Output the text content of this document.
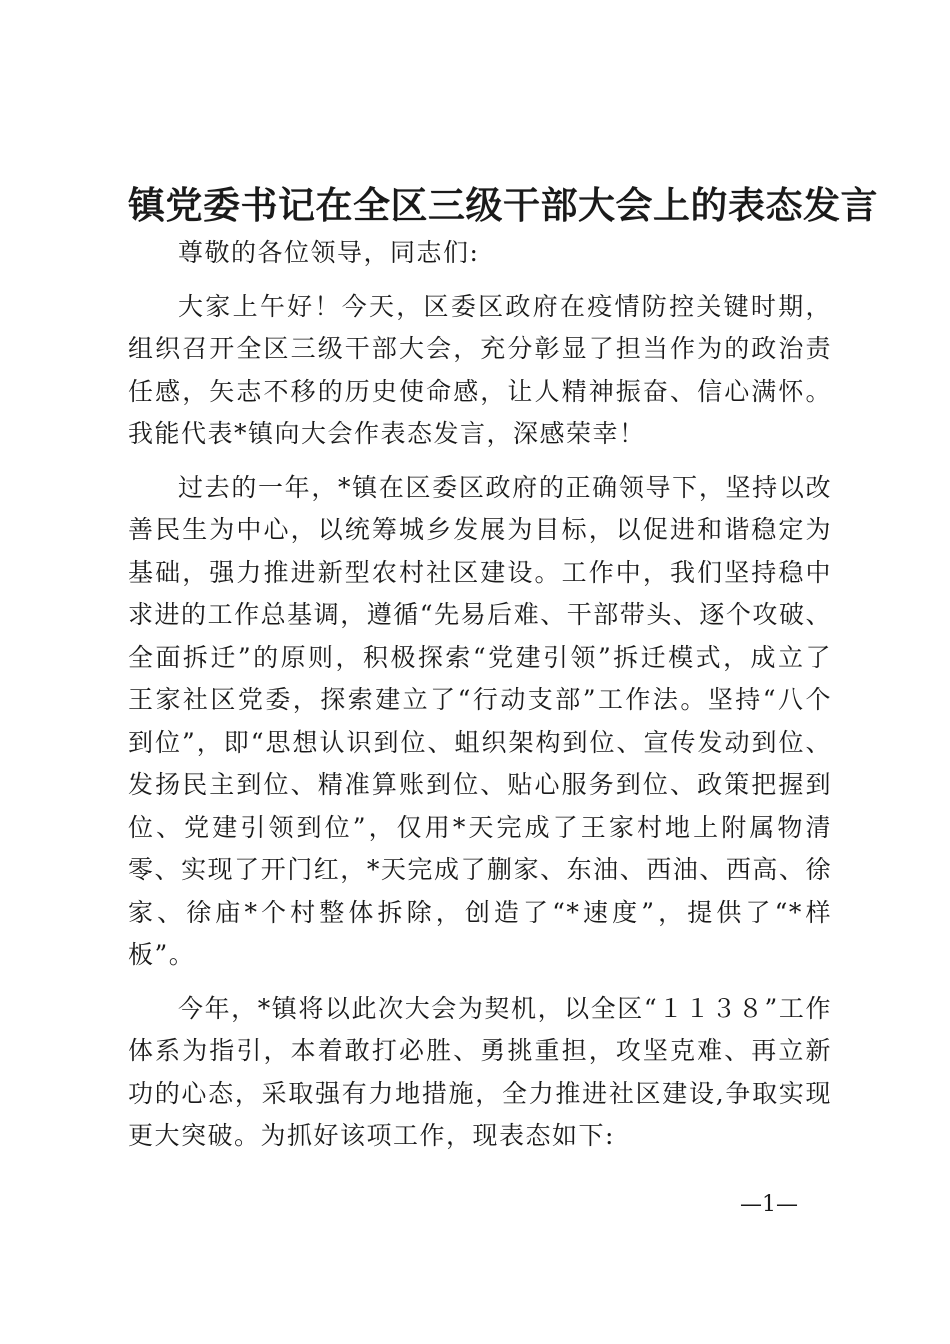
镇党委书记在全区三级干部大会上的表态发言

尊敬的各位领导，同志们:

大家上午好！今天，区委区政府在疫情防控关键时期，组织召开全区三级干部大会，充分彰显了担当作为的政治责任感，矢志不移的历史使命感，让人精神振奋、信心满怀。我能代表*镇向大会作表态发言，深感荣幸！

过去的一年，*镇在区委区政府的正确领导下，坚持以改善民生为中心，以统筹城乡发展为目标，以促进和谐稳定为基础，强力推进新型农村社区建设。工作中，我们坚持稳中求进的工作总基调，遵循“先易后难、干部带头、逐个攻破、全面拆迁”的原则，积极探索“党建引领”拆迁模式，成立了王家社区党委，探索建立了“行动支部”工作法。坚持“八个到位”，即“思想认识到位、蛆织架构到位、宣传发动到位、发扬民主到位、精准算账到位、贴心服务到位、政策把握到位、党建引领到位”，仅用*天完成了王家村地上附属物清零、实现了开门红，*天完成了蒯家、东油、西油、西高、徐家、徐庙*个村整体拆除，创造了“*速度”，提供了“*样板”。

今年，*镇将以此次大会为契机，以全区“１１３８”工作体系为指引，本着敢打必胜、勇挑重担，攻坚克难、再立新功的心态，采取强有力地措施，全力推进社区建设,争取实现更大突破。为抓好该项工作，现表态如下:

—1—
